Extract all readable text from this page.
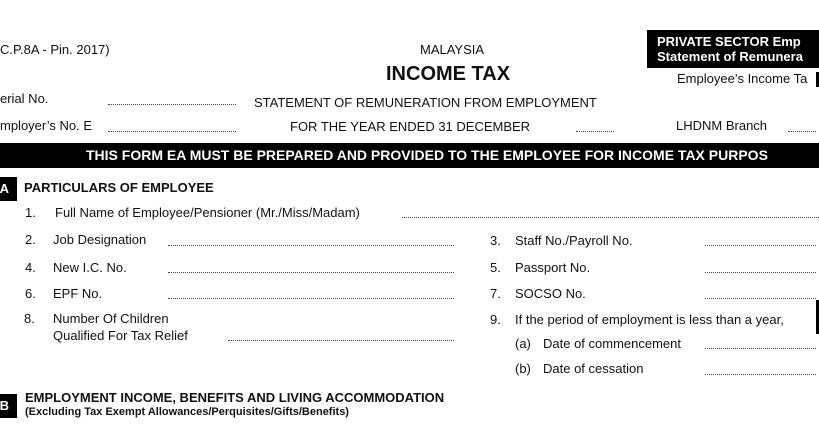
C.P.8A - Pin. 2017)	MALAYSIA
INCOME TAX
erial No.
mployer’s No. E
STATEMENT OF REMUNERATION FROM EMPLOYMENT
FOR THE YEAR ENDED 31 DECEMBER
PRIVATE SECTOR Emp
Statement of Remunera
Employee’s Income Ta
LHDNM Branch
THIS FORM EA MUST BE PREPARED AND PROVIDED TO THE EMPLOYEE FOR INCOME TAX PURPOS
A PARTICULARS OF EMPLOYEE
1. Full Name of Employee/Pensioner (Mr./Miss/Madam)
2. Job Designation	3. Staff No./Payroll No.
4. New I.C. No.	5. Passport No.
6. EPF No.	7. SOCSO No.
8. Number Of Children
Qualified For Tax Relief
9. If the period of employment is less than a year,
(a) Date of commencement
(b) Date of cessation
B
EMPLOYMENT INCOME, BENEFITS AND LIVING ACCOMMODATION
(Excluding Tax Exempt Allowances/Perquisites/Gifts/Benefits)
